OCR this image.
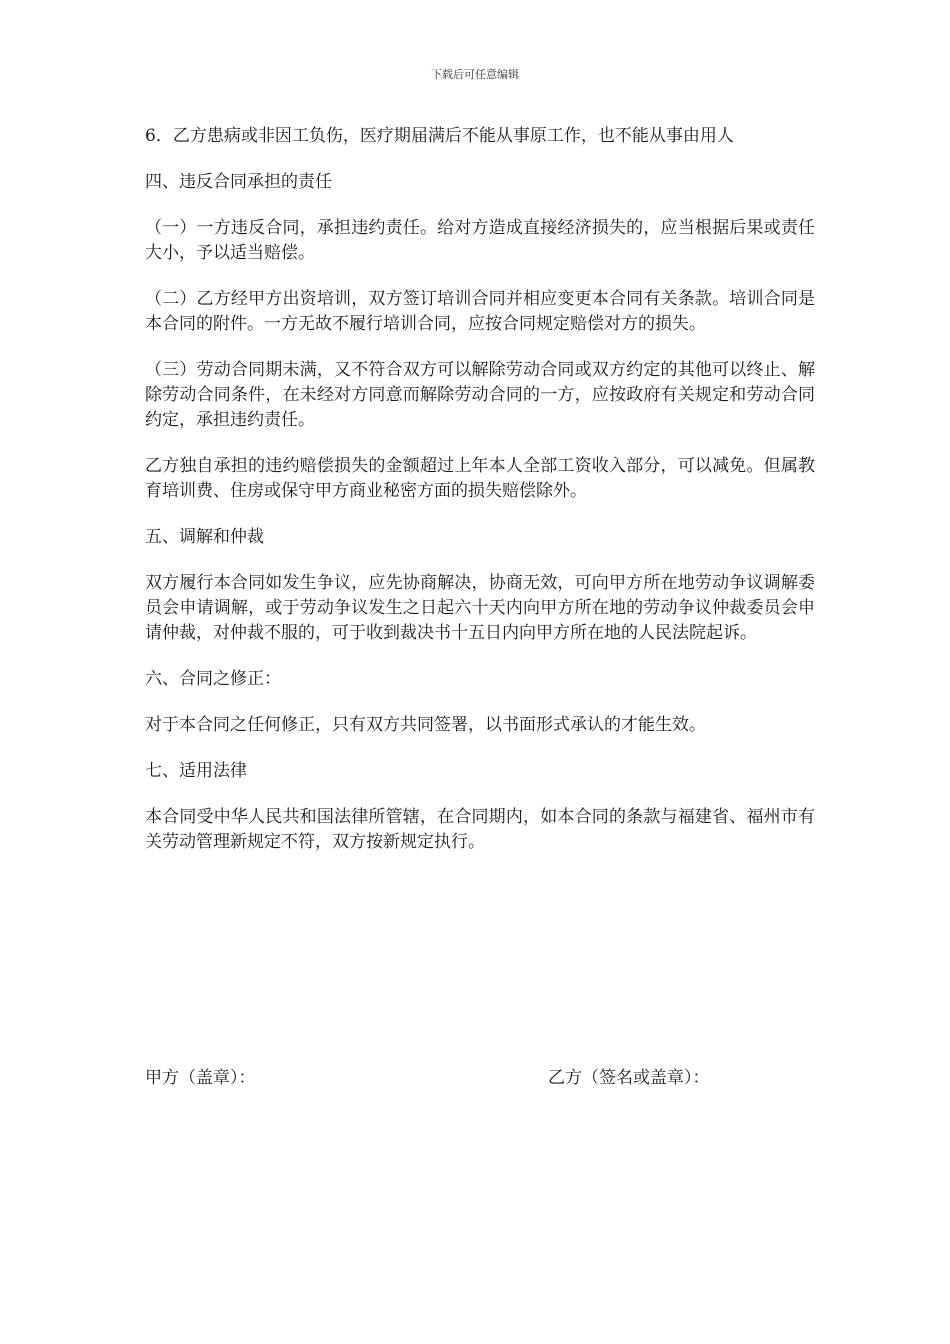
下载后可任意编辑

6．乙方患病或非因工负伤，医疗期届满后不能从事原工作，也不能从事由用人

四、违反合同承担的责任

（一）一方违反合同，承担违约责任。给对方造成直接经济损失的，应当根据后果或责任大小，予以适当赔偿。

（二）乙方经甲方出资培训，双方签订培训合同并相应变更本合同有关条款。培训合同是本合同的附件。一方无故不履行培训合同，应按合同规定赔偿对方的损失。

（三）劳动合同期未满，又不符合双方可以解除劳动合同或双方约定的其他可以终止、解除劳动合同条件，在未经对方同意而解除劳动合同的一方，应按政府有关规定和劳动合同约定，承担违约责任。

乙方独自承担的违约赔偿损失的金额超过上年本人全部工资收入部分，可以减免。但属教育培训费、住房或保守甲方商业秘密方面的损失赔偿除外。

五、调解和仲裁

双方履行本合同如发生争议，应先协商解决，协商无效，可向甲方所在地劳动争议调解委员会申请调解，或于劳动争议发生之日起六十天内向甲方所在地的劳动争议仲裁委员会申请仲裁，对仲裁不服的，可于收到裁决书十五日内向甲方所在地的人民法院起诉。

六、合同之修正：

对于本合同之任何修正，只有双方共同签署，以书面形式承认的才能生效。

七、适用法律

本合同受中华人民共和国法律所管辖，在合同期内，如本合同的条款与福建省、福州市有关劳动管理新规定不符，双方按新规定执行。

甲方（盖章）：	乙方（签名或盖章）：
